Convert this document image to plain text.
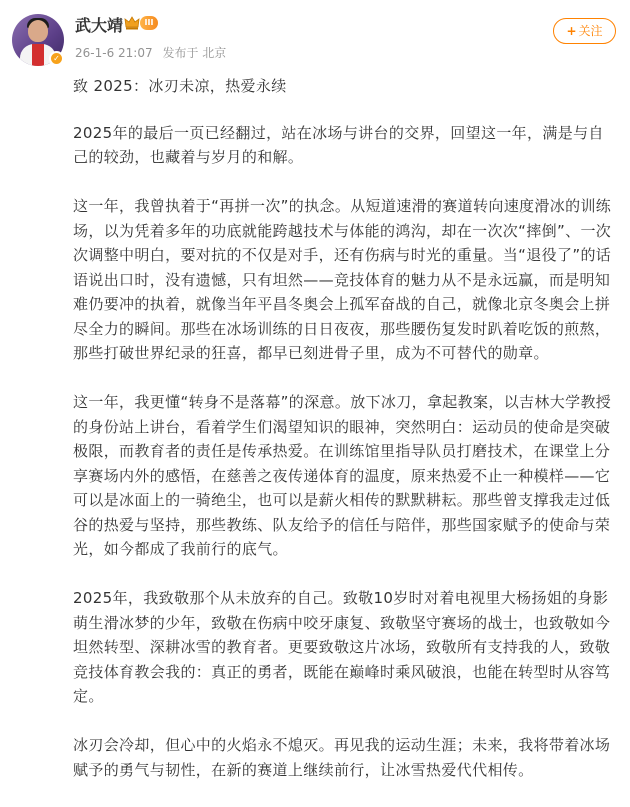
✓
武大靖	III
26-1-6 21:07 发布于 北京
+ 关注

致 2025：冰刃未凉，热爱永续

2025年的最后一页已经翻过，站在冰场与讲台的交界，回望这一年，满是与自己的较劲，也藏着与岁月的和解。

这一年，我曾执着于“再拼一次”的执念。从短道速滑的赛道转向速度滑冰的训练场，以为凭着多年的功底就能跨越技术与体能的鸿沟，却在一次次“摔倒”、一次次调整中明白，要对抗的不仅是对手，还有伤病与时光的重量。当“退役了”的话语说出口时，没有遗憾，只有坦然——竞技体育的魅力从不是永远赢，而是明知难仍要冲的执着，就像当年平昌冬奥会上孤军奋战的自己，就像北京冬奥会上拼尽全力的瞬间。那些在冰场训练的日日夜夜，那些腰伤复发时趴着吃饭的煎熬，那些打破世界纪录的狂喜，都早已刻进骨子里，成为不可替代的勋章。

这一年，我更懂“转身不是落幕”的深意。放下冰刀，拿起教案，以吉林大学教授的身份站上讲台，看着学生们渴望知识的眼神，突然明白：运动员的使命是突破极限，而教育者的责任是传承热爱。在训练馆里指导队员打磨技术，在课堂上分享赛场内外的感悟，在慈善之夜传递体育的温度，原来热爱不止一种模样——它可以是冰面上的一骑绝尘，也可以是薪火相传的默默耕耘。那些曾支撑我走过低谷的热爱与坚持，那些教练、队友给予的信任与陪伴，那些国家赋予的使命与荣光，如今都成了我前行的底气。

2025年，我致敬那个从未放弃的自己。致敬10岁时对着电视里大杨扬姐的身影萌生滑冰梦的少年，致敬在伤病中咬牙康复、致敬坚守赛场的战士，也致敬如今坦然转型、深耕冰雪的教育者。更要致敬这片冰场，致敬所有支持我的人，致敬竞技体育教会我的：真正的勇者，既能在巅峰时乘风破浪，也能在转型时从容笃定。

冰刃会冷却，但心中的火焰永不熄灭。再见我的运动生涯；未来，我将带着冰场赋予的勇气与韧性，在新的赛道上继续前行，让冰雪热爱代代相传。
